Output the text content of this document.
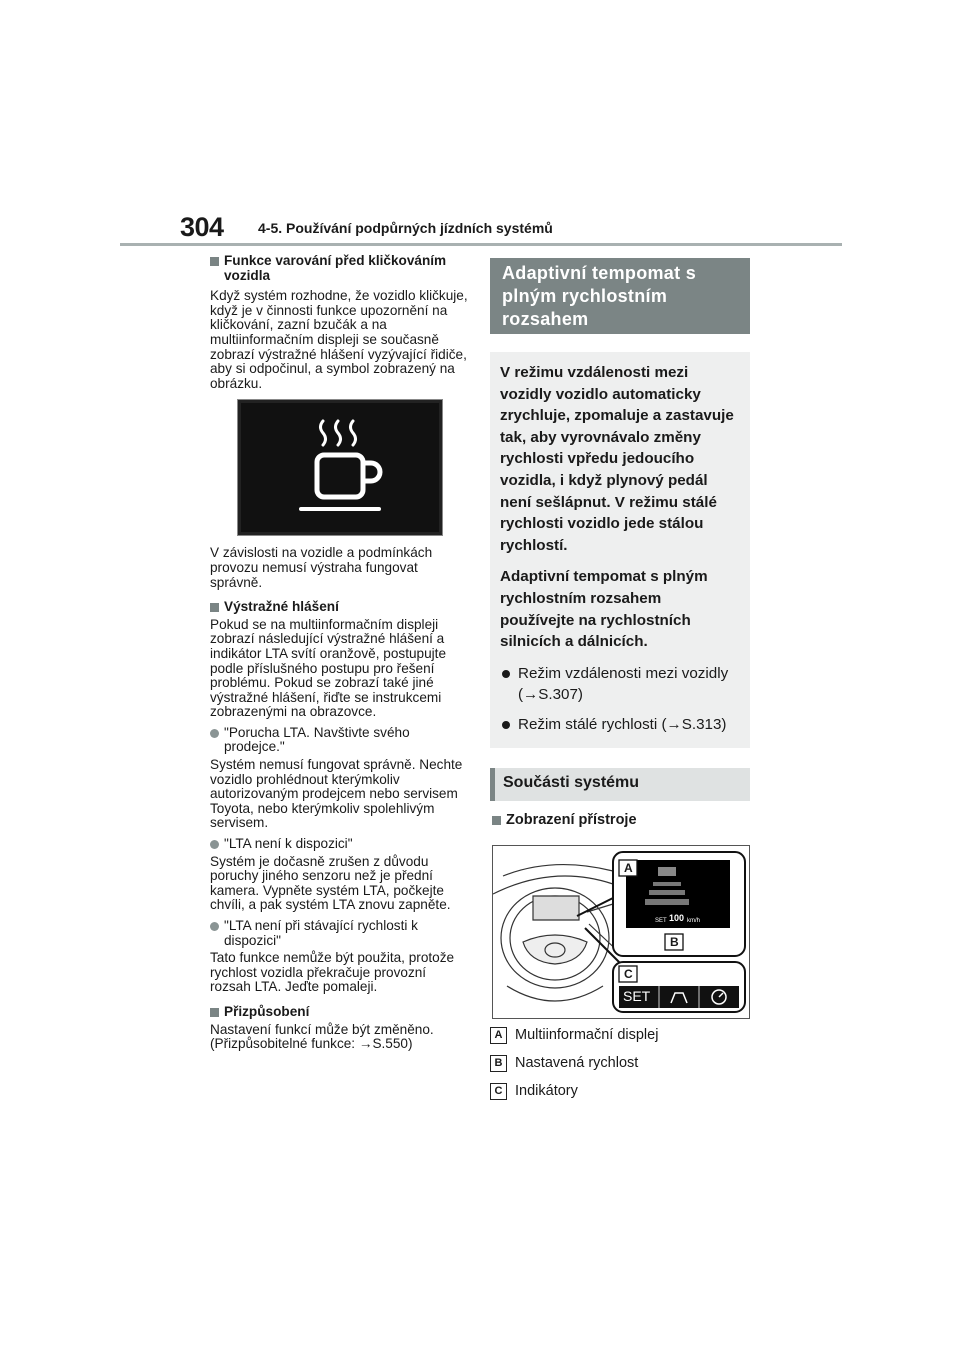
304 4-5. Používání podpůrných jízdních systémů
Funkce varování před kličkováním vozidla
Když systém rozhodne, že vozidlo kličkuje, když je v činnosti funkce upozornění na kličkování, zazní bzučák a na multiinformačním displeji se současně zobrazí výstražné hlášení vyzývající řidiče, aby si odpočinul, a symbol zobrazený na obrázku.
V závislosti na vozidle a podmínkách provozu nemusí výstraha fungovat správně.
Výstražné hlášení
Pokud se na multiinformačním displeji zobrazí následující výstražné hlášení a indikátor LTA svítí oranžově, postupujte podle příslušného postupu pro řešení problému. Pokud se zobrazí také jiné výstražné hlášení, řiďte se instrukcemi zobrazenými na obrazovce.
"Porucha LTA. Navštivte svého prodejce."
Systém nemusí fungovat správně. Nechte vozidlo prohlédnout kterýmkoliv autorizovaným prodejcem nebo servisem Toyota, nebo kterýmkoliv spolehlivým servisem.
"LTA není k dispozici"
Systém je dočasně zrušen z důvodu poruchy jiného senzoru než je přední kamera. Vypněte systém LTA, počkejte chvíli, a pak systém LTA znovu zapněte.
"LTA není při stávající rychlosti k dispozici"
Tato funkce nemůže být použita, protože rychlost vozidla překračuje provozní rozsah LTA. Jeďte pomaleji.
Přizpůsobení
Nastavení funkcí může být změněno. (Přizpůsobitelné funkce: →S.550)
Adaptivní tempomat s plným rychlostním rozsahem

V režimu vzdálenosti mezi vozidly vozidlo automaticky zrychluje, zpomaluje a zastavuje tak, aby vyrovnávalo změny rychlosti vpředu jedoucího vozidla, i když plynový pedál není sešlápnut. V režimu stálé rychlosti vozidlo jede stálou rychlostí.

Adaptivní tempomat s plným rychlostním rozsahem používejte na rychlostních silnicích a dálnicích.

Režim vzdálenosti mezi vozidly (→S.307)
Režim stálé rychlosti (→S.313)
Součásti systému
Zobrazení přístroje
A
B
C
SET 100 km/h
SET
A Multiinformační displej
B Nastavená rychlost
C Indikátory
